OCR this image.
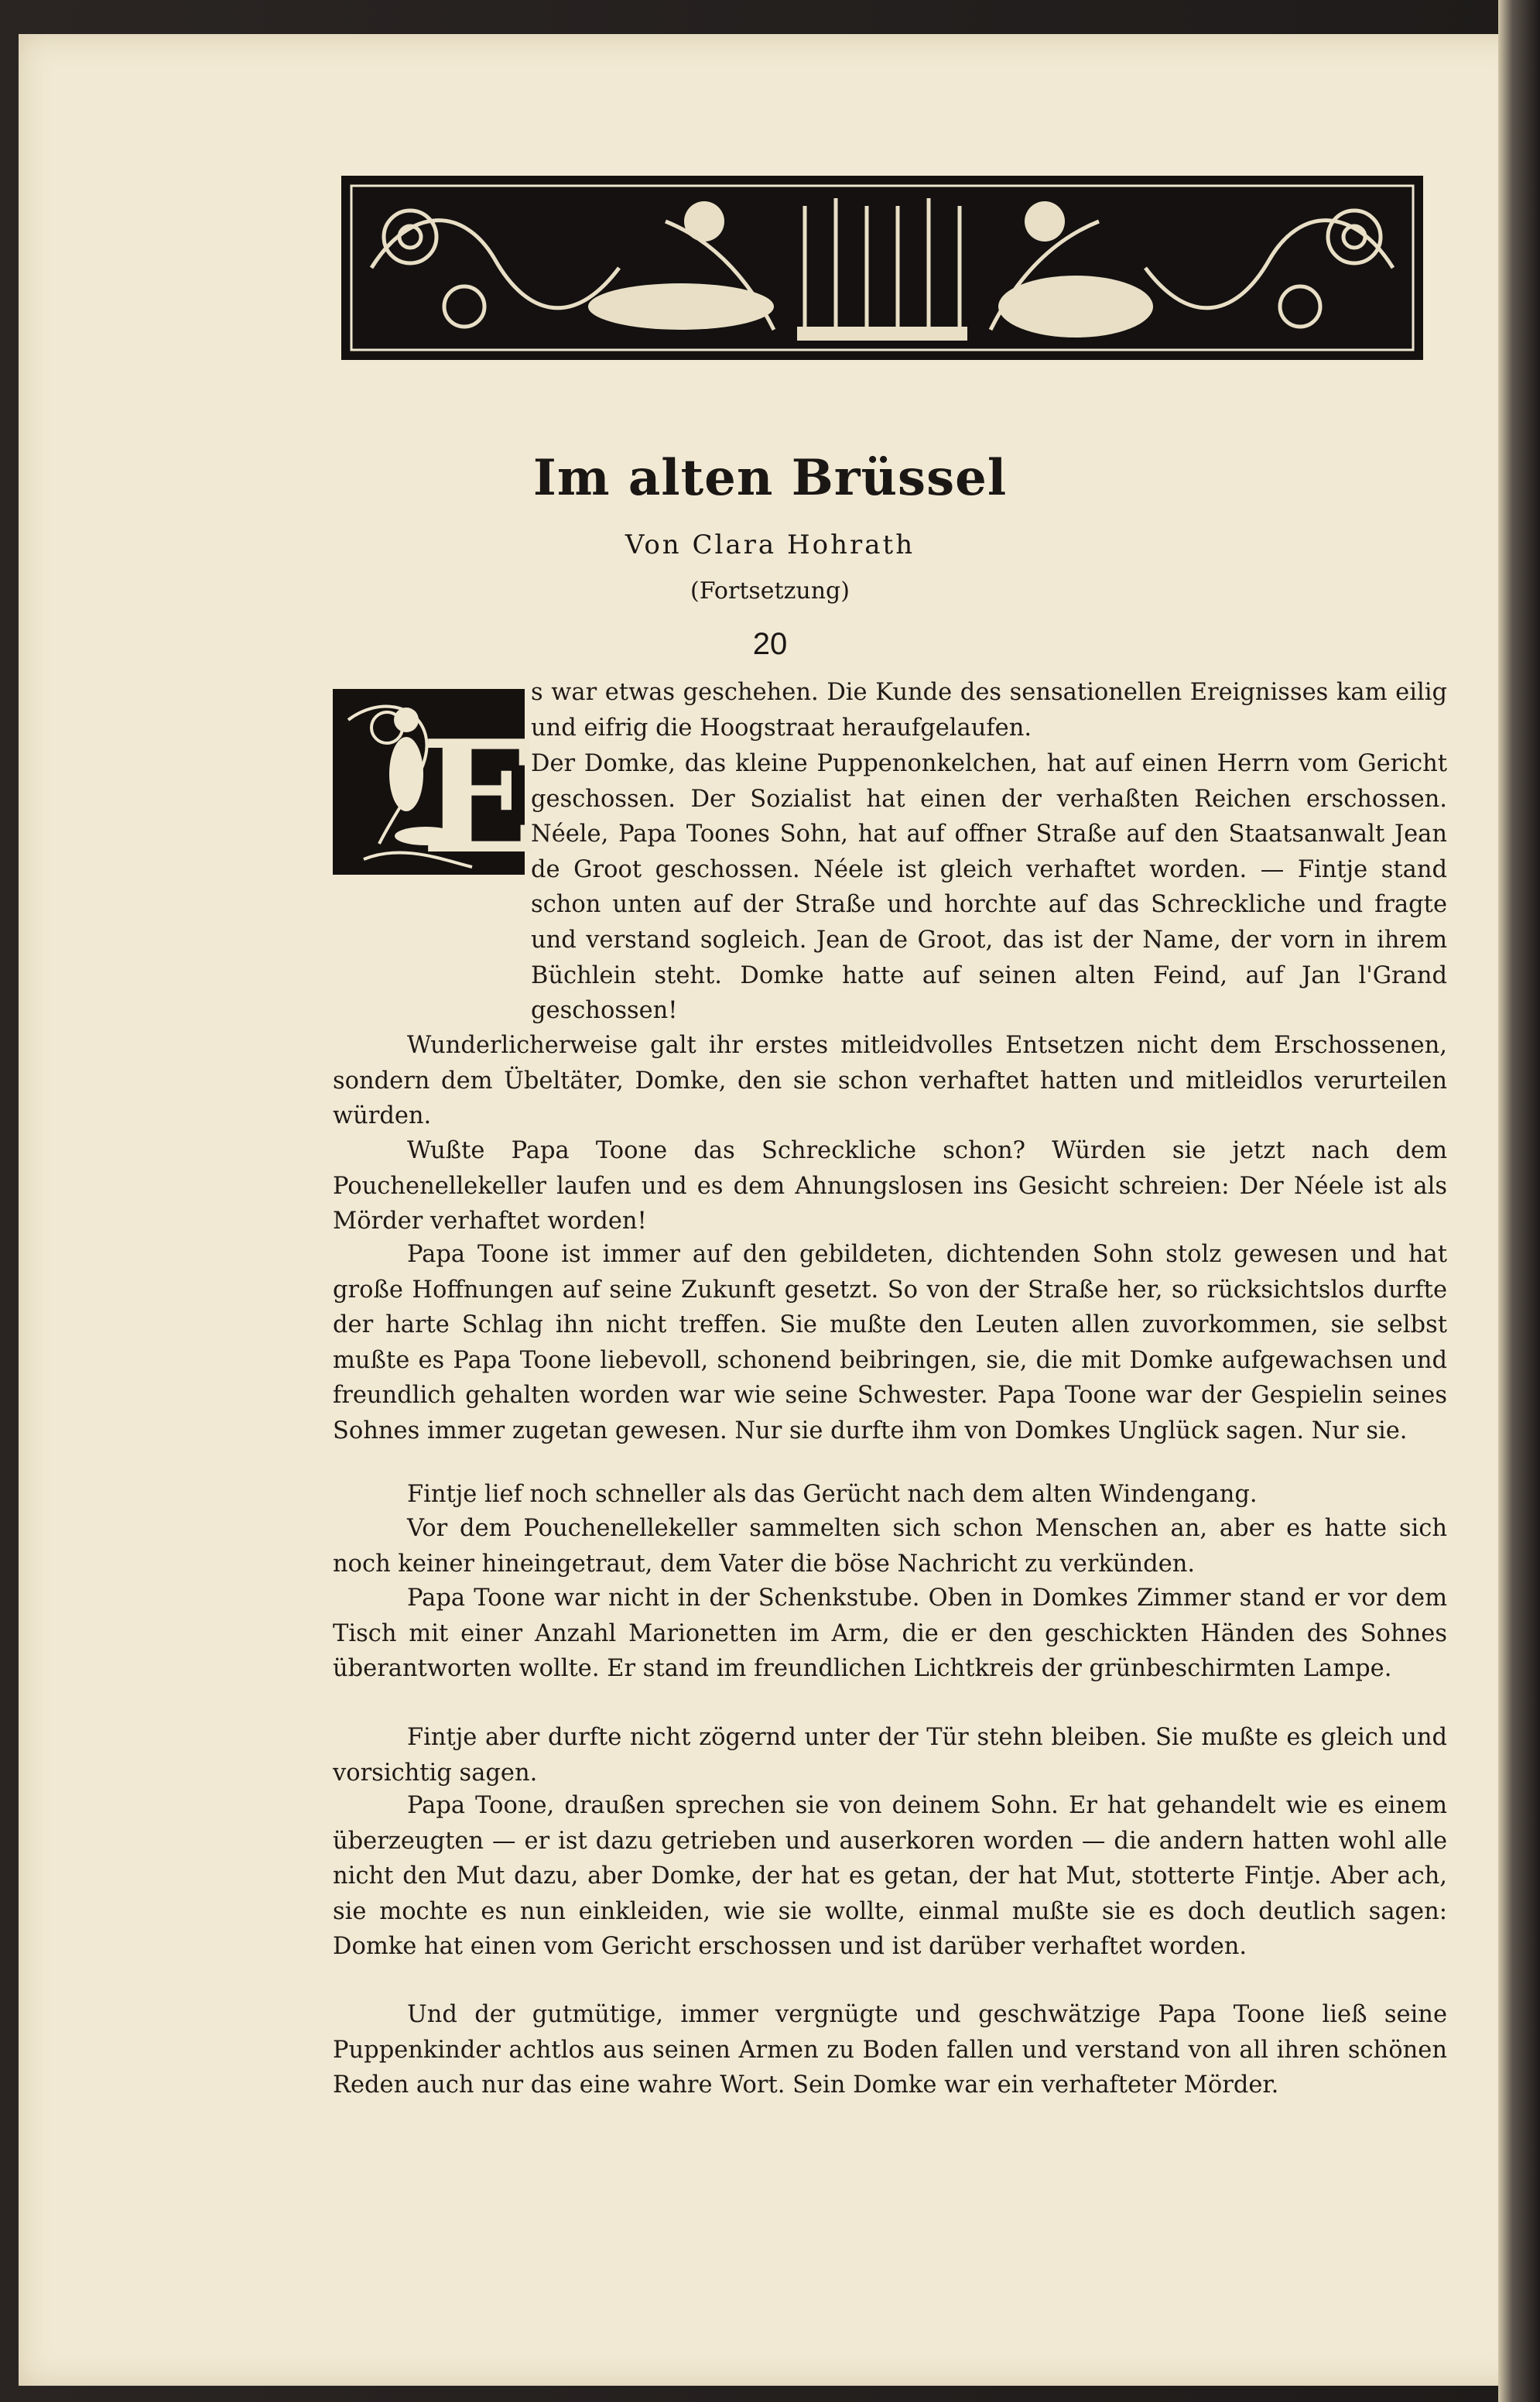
Im alten Brüssel
Von Clara Hohrath
(Fortsetzung)
20
E

s war etwas geschehen. Die Kunde des sensationellen Ereignisses kam eilig und eifrig die Hoogstraat heraufgelaufen.

Der Domke, das kleine Puppenonkelchen, hat auf einen Herrn vom Gericht geschossen. Der Sozialist hat einen der verhaßten Reichen erschossen. Néele, Papa Toones Sohn, hat auf offner Straße auf den Staatsanwalt Jean de Groot geschossen. Néele ist gleich verhaftet worden. — Fintje stand schon unten auf der Straße und horchte auf das Schreckliche und fragte und verstand sogleich. Jean de Groot, das ist der Name, der vorn in ihrem Büchlein steht. Domke hatte auf seinen alten Feind, auf Jan l'Grand geschossen!

Wunderlicherweise galt ihr erstes mitleidvolles Entsetzen nicht dem Erschossenen, sondern dem Übeltäter, Domke, den sie schon verhaftet hatten und mitleidlos verurteilen würden.

Wußte Papa Toone das Schreckliche schon? Würden sie jetzt nach dem Pouchenellekeller laufen und es dem Ahnungslosen ins Gesicht schreien: Der Néele ist als Mörder verhaftet worden!

Papa Toone ist immer auf den gebildeten, dichtenden Sohn stolz gewesen und hat große Hoffnungen auf seine Zukunft gesetzt. So von der Straße her, so rücksichtslos durfte der harte Schlag ihn nicht treffen. Sie mußte den Leuten allen zuvorkommen, sie selbst mußte es Papa Toone liebevoll, schonend beibringen, sie, die mit Domke aufgewachsen und freundlich gehalten worden war wie seine Schwester. Papa Toone war der Gespielin seines Sohnes immer zugetan gewesen. Nur sie durfte ihm von Domkes Unglück sagen. Nur sie.

Fintje lief noch schneller als das Gerücht nach dem alten Windengang.

Vor dem Pouchenellekeller sammelten sich schon Menschen an, aber es hatte sich noch keiner hineingetraut, dem Vater die böse Nachricht zu verkünden.

Papa Toone war nicht in der Schenkstube. Oben in Domkes Zimmer stand er vor dem Tisch mit einer Anzahl Marionetten im Arm, die er den geschickten Händen des Sohnes überantworten wollte. Er stand im freundlichen Lichtkreis der grünbeschirmten Lampe.

Fintje aber durfte nicht zögernd unter der Tür stehn bleiben. Sie mußte es gleich und vorsichtig sagen.

Papa Toone, draußen sprechen sie von deinem Sohn. Er hat gehandelt wie es einem überzeugten — er ist dazu getrieben und auserkoren worden — die andern hatten wohl alle nicht den Mut dazu, aber Domke, der hat es getan, der hat Mut, stotterte Fintje. Aber ach, sie mochte es nun einkleiden, wie sie wollte, einmal mußte sie es doch deutlich sagen: Domke hat einen vom Gericht erschossen und ist darüber verhaftet worden.

Und der gutmütige, immer vergnügte und geschwätzige Papa Toone ließ seine Puppenkinder achtlos aus seinen Armen zu Boden fallen und verstand von all ihren schönen Reden auch nur das eine wahre Wort. Sein Domke war ein verhafteter Mörder.
